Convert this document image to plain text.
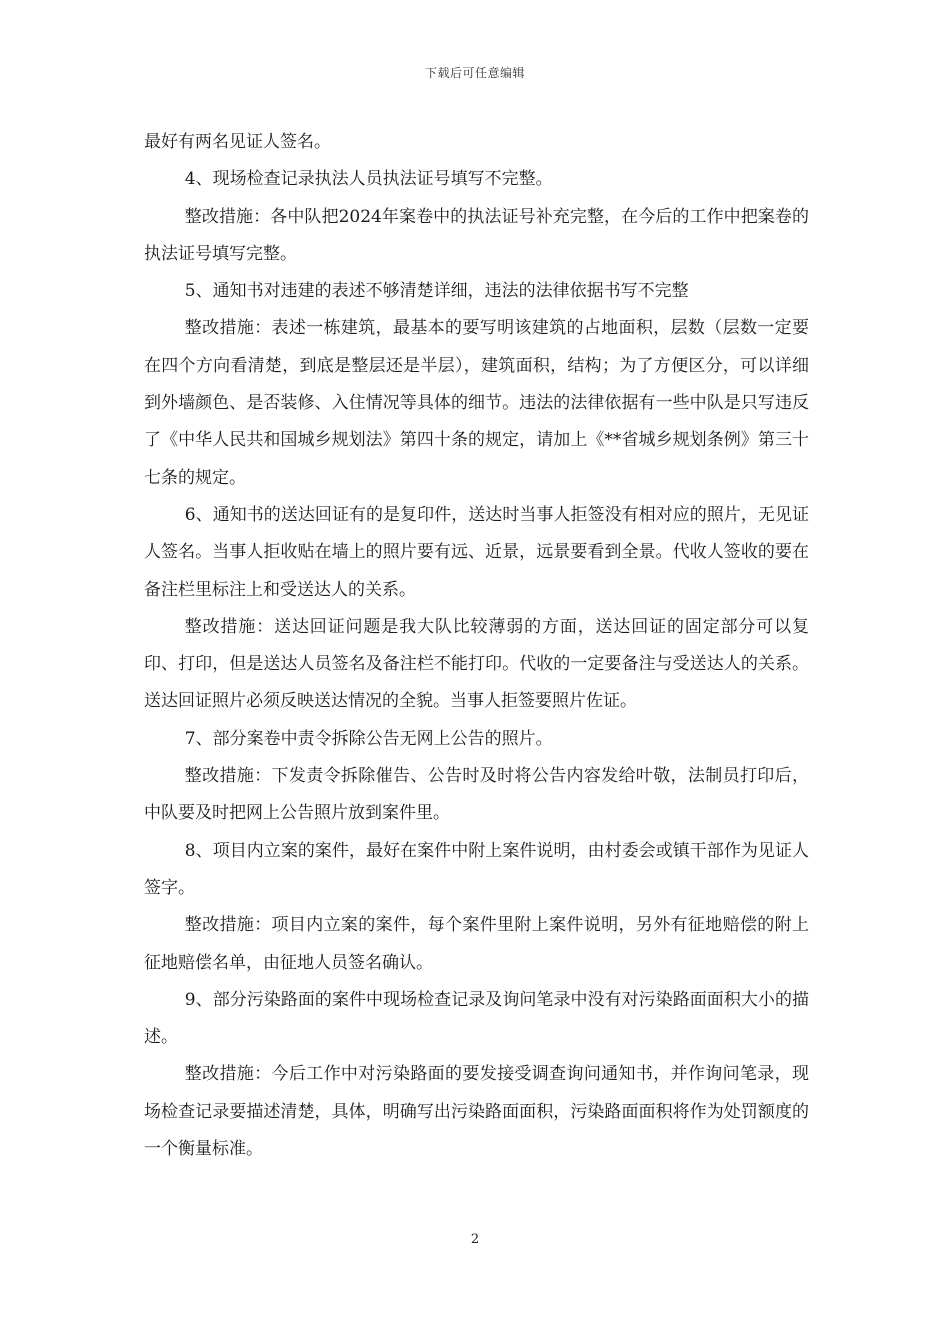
下载后可任意编辑

最好有两名见证人签名。

4、现场检查记录执法人员执法证号填写不完整。

整改措施：各中队把2024年案卷中的执法证号补充完整，在今后的工作中把案卷的执法证号填写完整。

5、通知书对违建的表述不够清楚详细，违法的法律依据书写不完整

整改措施：表述一栋建筑，最基本的要写明该建筑的占地面积，层数（层数一定要在四个方向看清楚，到底是整层还是半层），建筑面积，结构；为了方便区分，可以详细到外墙颜色、是否装修、入住情况等具体的细节。违法的法律依据有一些中队是只写违反了《中华人民共和国城乡规划法》第四十条的规定，请加上《**省城乡规划条例》第三十七条的规定。

6、通知书的送达回证有的是复印件，送达时当事人拒签没有相对应的照片，无见证人签名。当事人拒收贴在墙上的照片要有远、近景，远景要看到全景。代收人签收的要在备注栏里标注上和受送达人的关系。

整改措施：送达回证问题是我大队比较薄弱的方面，送达回证的固定部分可以复印、打印，但是送达人员签名及备注栏不能打印。代收的一定要备注与受送达人的关系。送达回证照片必须反映送达情况的全貌。当事人拒签要照片佐证。

7、部分案卷中责令拆除公告无网上公告的照片。

整改措施：下发责令拆除催告、公告时及时将公告内容发给叶敬，法制员打印后，中队要及时把网上公告照片放到案件里。

8、项目内立案的案件，最好在案件中附上案件说明，由村委会或镇干部作为见证人签字。

整改措施：项目内立案的案件，每个案件里附上案件说明，另外有征地赔偿的附上征地赔偿名单，由征地人员签名确认。

9、部分污染路面的案件中现场检查记录及询问笔录中没有对污染路面面积大小的描述。

整改措施：今后工作中对污染路面的要发接受调查询问通知书，并作询问笔录，现场检查记录要描述清楚，具体，明确写出污染路面面积，污染路面面积将作为处罚额度的一个衡量标准。

2
